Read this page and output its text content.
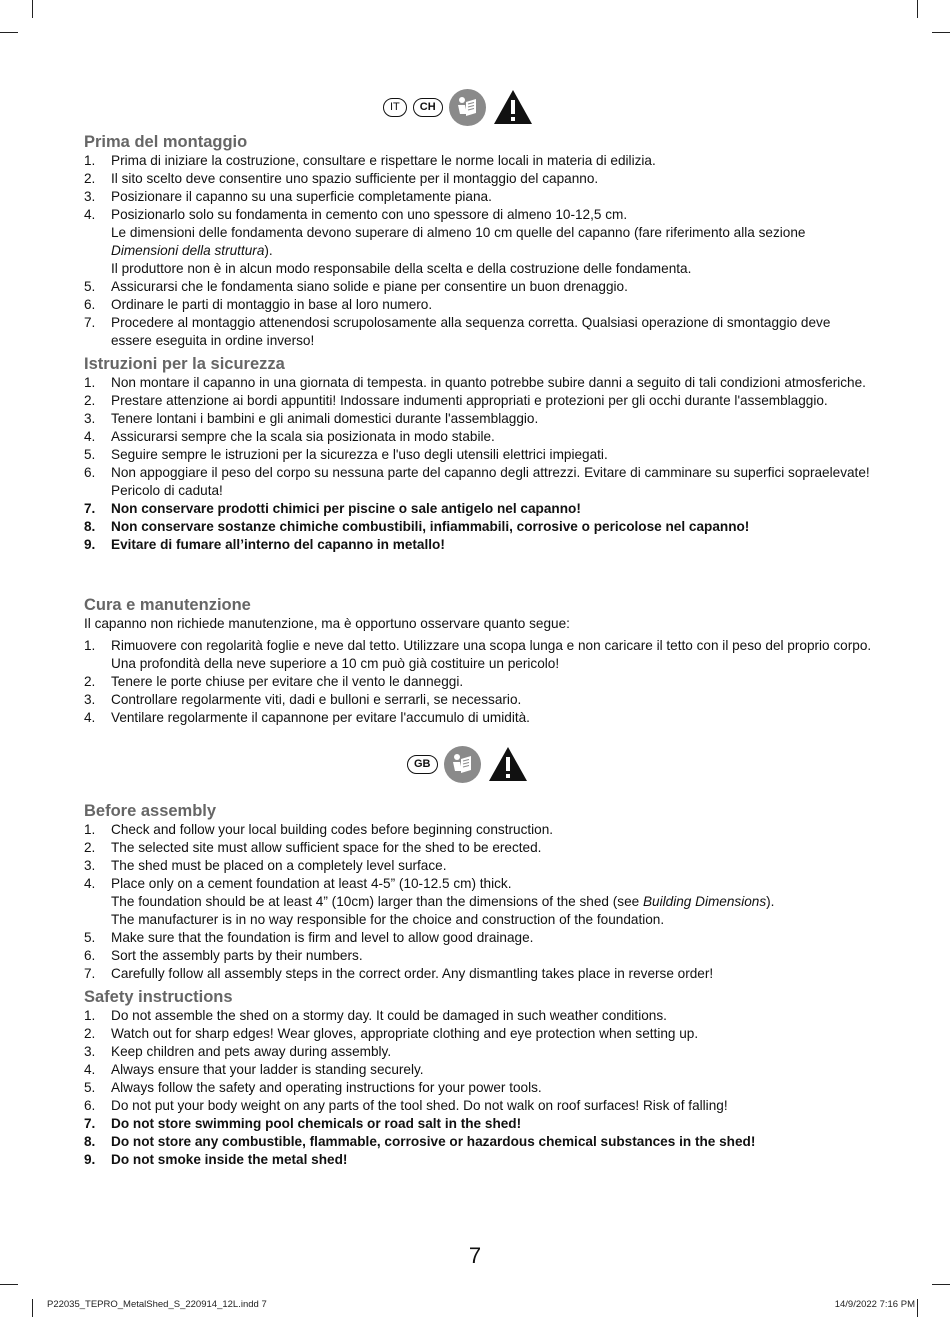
IT	CH
Prima del montaggio
1. Prima di iniziare la costruzione, consultare e rispettare le norme locali in materia di edilizia.
2. Il sito scelto deve consentire uno spazio sufficiente per il montaggio del capanno.
3. Posizionare il capanno su una superficie completamente piana.
4. Posizionarlo solo su fondamenta in cemento con uno spessore di almeno 10-12,5 cm.
Le dimensioni delle fondamenta devono superare di almeno 10 cm quelle del capanno (fare riferimento alla sezione Dimensioni della struttura).
Il produttore non è in alcun modo responsabile della scelta e della costruzione delle fondamenta.
5. Assicurarsi che le fondamenta siano solide e piane per consentire un buon drenaggio.
6. Ordinare le parti di montaggio in base al loro numero.
7. Procedere al montaggio attenendosi scrupolosamente alla sequenza corretta. Qualsiasi operazione di smontaggio deve essere eseguita in ordine inverso!
Istruzioni per la sicurezza
1. Non montare il capanno in una giornata di tempesta. in quanto potrebbe subire danni a seguito di tali condizioni atmosferiche.
2. Prestare attenzione ai bordi appuntiti! Indossare indumenti appropriati e protezioni per gli occhi durante l'assemblaggio.
3. Tenere lontani i bambini e gli animali domestici durante l'assemblaggio.
4. Assicurarsi sempre che la scala sia posizionata in modo stabile.
5. Seguire sempre le istruzioni per la sicurezza e l'uso degli utensili elettrici impiegati.
6. Non appoggiare il peso del corpo su nessuna parte del capanno degli attrezzi. Evitare di camminare su superfici sopraelevate! Pericolo di caduta!
7. Non conservare prodotti chimici per piscine o sale antigelo nel capanno!
8. Non conservare sostanze chimiche combustibili, infiammabili, corrosive o pericolose nel capanno!
9. Evitare di fumare all’interno del capanno in metallo!
Cura e manutenzione

Il capanno non richiede manutenzione, ma è opportuno osservare quanto segue:

1. Rimuovere con regolarità foglie e neve dal tetto. Utilizzare una scopa lunga e non caricare il tetto con il peso del proprio corpo. Una profondità della neve superiore a 10 cm può già costituire un pericolo!
2. Tenere le porte chiuse per evitare che il vento le danneggi.
3. Controllare regolarmente viti, dadi e bulloni e serrarli, se necessario.
4. Ventilare regolarmente il capannone per evitare l'accumulo di umidità.
GB
Before assembly
1. Check and follow your local building codes before beginning construction.
2. The selected site must allow sufficient space for the shed to be erected.
3. The shed must be placed on a completely level surface.
4. Place only on a cement foundation at least 4-5” (10-12.5 cm) thick.
The foundation should be at least 4” (10cm) larger than the dimensions of the shed (see Building Dimensions).
The manufacturer is in no way responsible for the choice and construction of the foundation.
5. Make sure that the foundation is firm and level to allow good drainage.
6. Sort the assembly parts by their numbers.
7. Carefully follow all assembly steps in the correct order. Any dismantling takes place in reverse order!
Safety instructions
1. Do not assemble the shed on a stormy day. It could be damaged in such weather conditions.
2. Watch out for sharp edges! Wear gloves, appropriate clothing and eye protection when setting up.
3. Keep children and pets away during assembly.
4. Always ensure that your ladder is standing securely.
5. Always follow the safety and operating instructions for your power tools.
6. Do not put your body weight on any parts of the tool shed. Do not walk on roof surfaces! Risk of falling!
7. Do not store swimming pool chemicals or road salt in the shed!
8. Do not store any combustible, flammable, corrosive or hazardous chemical substances in the shed!
9. Do not smoke inside the metal shed!
7
P22035_TEPRO_MetalShed_S_220914_12L.indd 7	14/9/2022 7:16 PM
